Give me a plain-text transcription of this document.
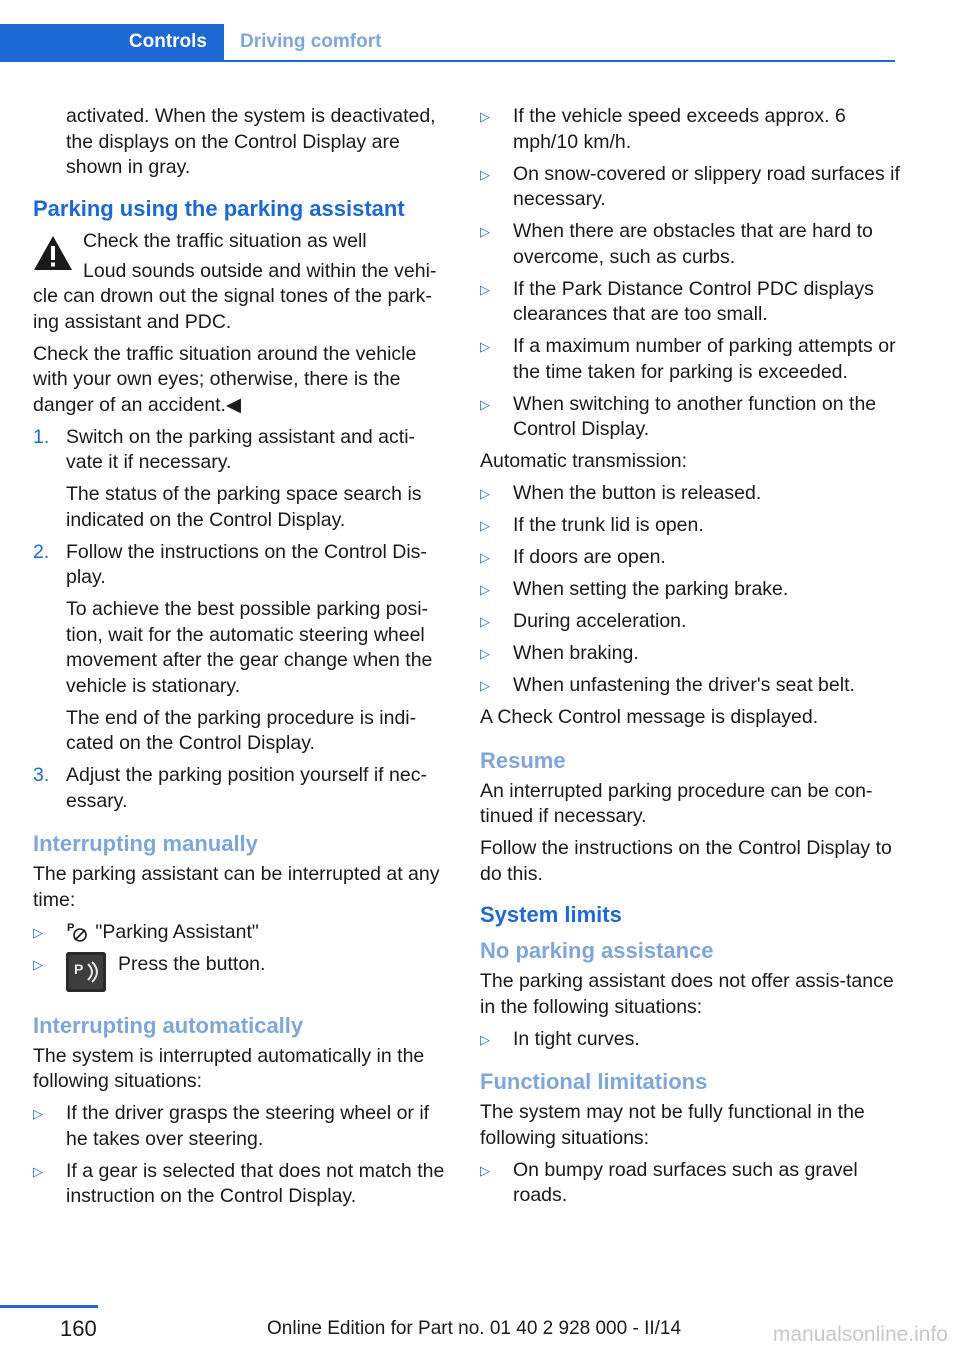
Controls	Driving comfort

activated. When the system is deactivated, the displays on the Control Display are shown in gray.

Parking using the parking assistant

Check the traffic situation as well

Loud sounds outside and within the vehi‐cle can drown out the signal tones of the park‐ing assistant and PDC.

Check the traffic situation around the vehicle with your own eyes; otherwise, there is the danger of an accident.◀

1. Switch on the parking assistant and acti‐vate it if necessary.

The status of the parking space search is indicated on the Control Display.

2. Follow the instructions on the Control Dis‐play.

To achieve the best possible parking posi‐tion, wait for the automatic steering wheel movement after the gear change when the vehicle is stationary.

The end of the parking procedure is indi‐cated on the Control Display.

3. Adjust the parking position yourself if nec‐essary.

Interrupting manually

The parking assistant can be interrupted at any time:

▷ P "Parking Assistant"
▷ P Press the button.
Interrupting automatically

The system is interrupted automatically in the following situations:

▷ If the driver grasps the steering wheel or if he takes over steering.
▷ If a gear is selected that does not match the instruction on the Control Display.
▷ If the vehicle speed exceeds approx. 6 mph/10 km/h.
▷ On snow-covered or slippery road surfaces if necessary.
▷ When there are obstacles that are hard to overcome, such as curbs.
▷ If the Park Distance Control PDC displays clearances that are too small.
▷ If a maximum number of parking attempts or the time taken for parking is exceeded.
▷ When switching to another function on the Control Display.

Automatic transmission:

▷ When the button is released.
▷ If the trunk lid is open.
▷ If doors are open.
▷ When setting the parking brake.
▷ During acceleration.
▷ When braking.
▷ When unfastening the driver's seat belt.

A Check Control message is displayed.

Resume

An interrupted parking procedure can be con‐tinued if necessary.

Follow the instructions on the Control Display to do this.

System limits
No parking assistance

The parking assistant does not offer assis‐tance in the following situations:

▷ In tight curves.
Functional limitations

The system may not be fully functional in the following situations:

▷ On bumpy road surfaces such as gravel roads.
160	Online Edition for Part no. 01 40 2 928 000 - II/14	manualsonline.info
